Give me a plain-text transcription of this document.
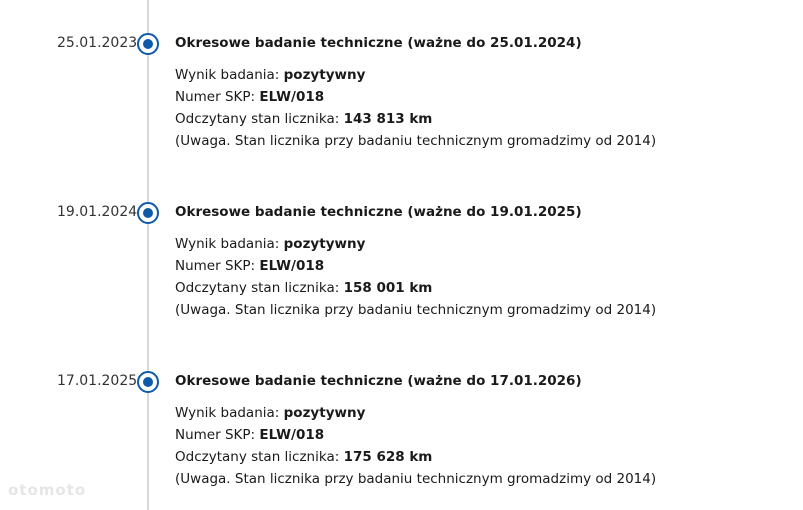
25.01.2023	Okresowe badanie techniczne (ważne do 25.01.2024)
Wynik badania: pozytywny
Numer SKP: ELW/018
Odczytany stan licznika: 143 813 km
(Uwaga. Stan licznika przy badaniu technicznym gromadzimy od 2014)
19.01.2024	Okresowe badanie techniczne (ważne do 19.01.2025)
Wynik badania: pozytywny
Numer SKP: ELW/018
Odczytany stan licznika: 158 001 km
(Uwaga. Stan licznika przy badaniu technicznym gromadzimy od 2014)
17.01.2025	Okresowe badanie techniczne (ważne do 17.01.2026)
Wynik badania: pozytywny
Numer SKP: ELW/018
Odczytany stan licznika: 175 628 km
(Uwaga. Stan licznika przy badaniu technicznym gromadzimy od 2014)
otomoto
